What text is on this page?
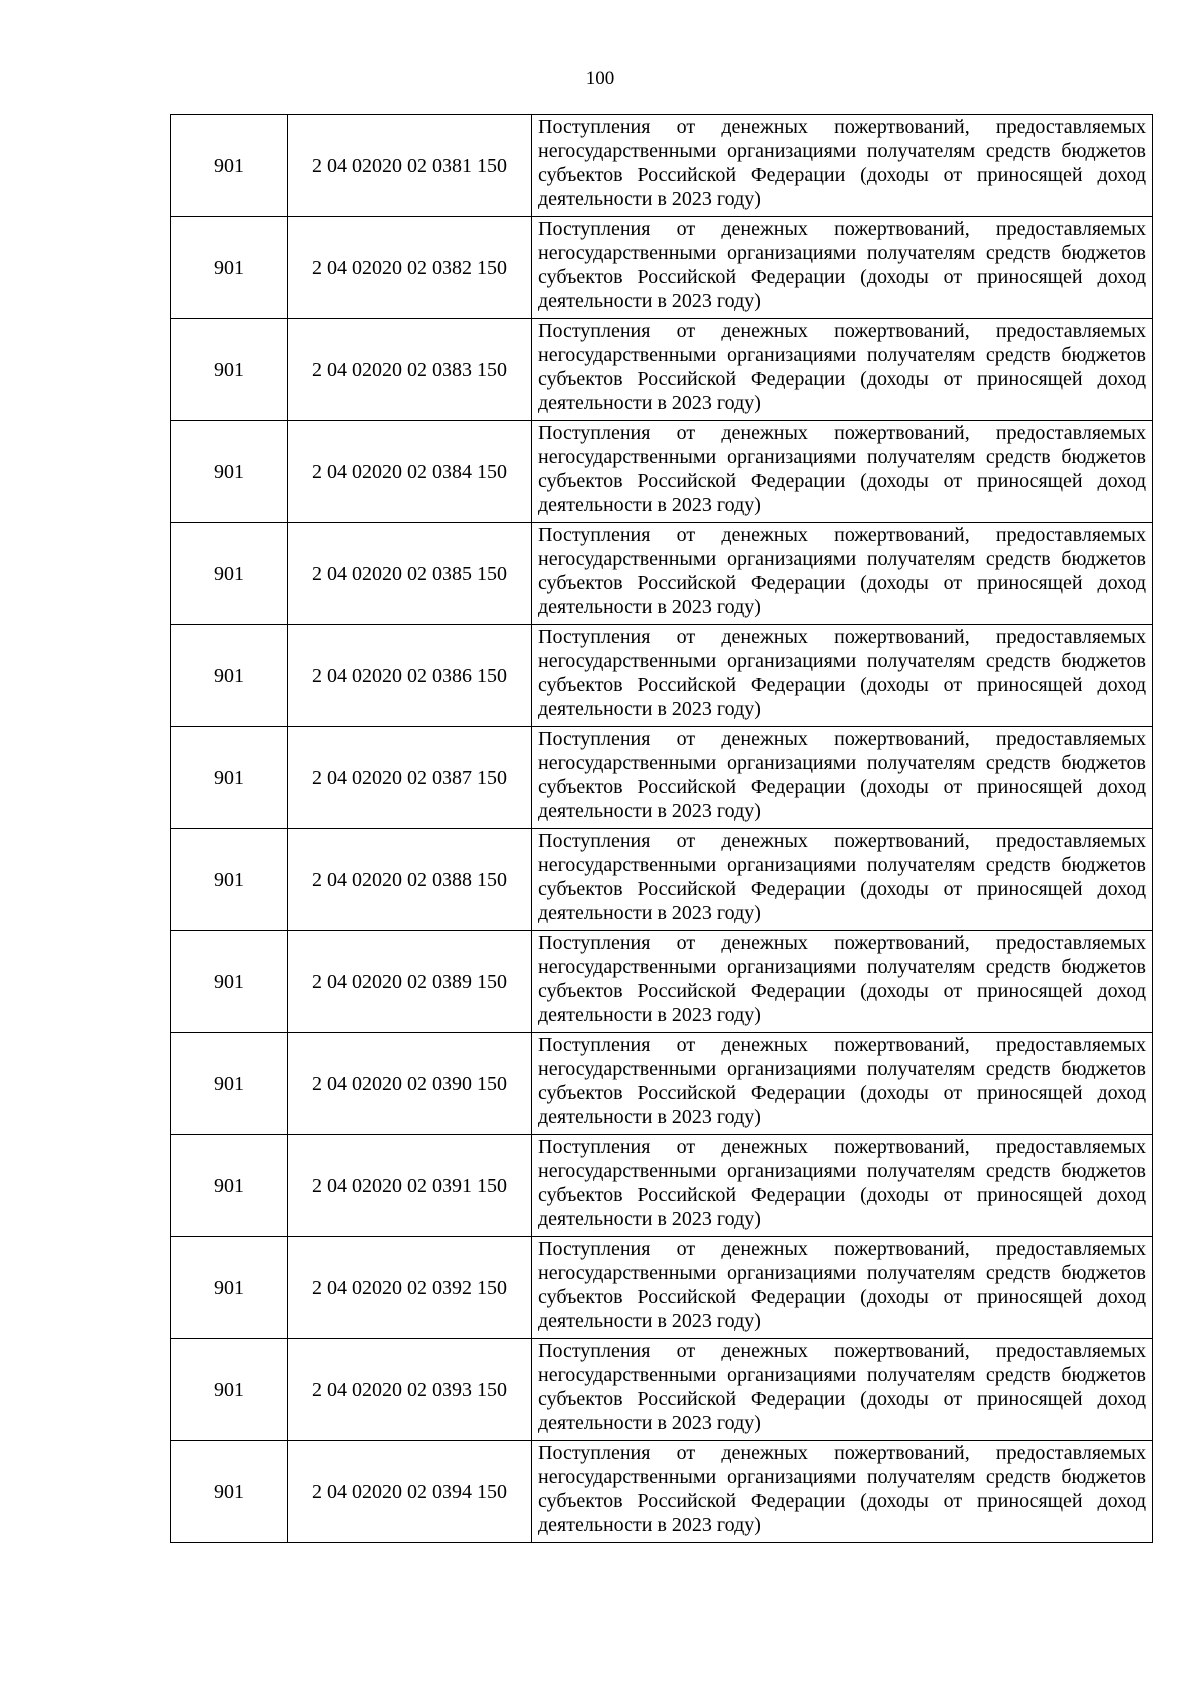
100
901	2 04 02020 02 0381 150	Поступления от денежных пожертвований, предоставляемых негосударственными организациями получателям средств бюджетов субъектов Российской Федерации (доходы от приносящей доход деятельности в 2023 году)

901	2 04 02020 02 0382 150	Поступления от денежных пожертвований, предоставляемых негосударственными организациями получателям средств бюджетов субъектов Российской Федерации (доходы от приносящей доход деятельности в 2023 году)

901	2 04 02020 02 0383 150	Поступления от денежных пожертвований, предоставляемых негосударственными организациями получателям средств бюджетов субъектов Российской Федерации (доходы от приносящей доход деятельности в 2023 году)

901	2 04 02020 02 0384 150	Поступления от денежных пожертвований, предоставляемых негосударственными организациями получателям средств бюджетов субъектов Российской Федерации (доходы от приносящей доход деятельности в 2023 году)

901	2 04 02020 02 0385 150	Поступления от денежных пожертвований, предоставляемых негосударственными организациями получателям средств бюджетов субъектов Российской Федерации (доходы от приносящей доход деятельности в 2023 году)

901	2 04 02020 02 0386 150	Поступления от денежных пожертвований, предоставляемых негосударственными организациями получателям средств бюджетов субъектов Российской Федерации (доходы от приносящей доход деятельности в 2023 году)

901	2 04 02020 02 0387 150	Поступления от денежных пожертвований, предоставляемых негосударственными организациями получателям средств бюджетов субъектов Российской Федерации (доходы от приносящей доход деятельности в 2023 году)

901	2 04 02020 02 0388 150	Поступления от денежных пожертвований, предоставляемых негосударственными организациями получателям средств бюджетов субъектов Российской Федерации (доходы от приносящей доход деятельности в 2023 году)

901	2 04 02020 02 0389 150	Поступления от денежных пожертвований, предоставляемых негосударственными организациями получателям средств бюджетов субъектов Российской Федерации (доходы от приносящей доход деятельности в 2023 году)

901	2 04 02020 02 0390 150	Поступления от денежных пожертвований, предоставляемых негосударственными организациями получателям средств бюджетов субъектов Российской Федерации (доходы от приносящей доход деятельности в 2023 году)

901	2 04 02020 02 0391 150	Поступления от денежных пожертвований, предоставляемых негосударственными организациями получателям средств бюджетов субъектов Российской Федерации (доходы от приносящей доход деятельности в 2023 году)

901	2 04 02020 02 0392 150	Поступления от денежных пожертвований, предоставляемых негосударственными организациями получателям средств бюджетов субъектов Российской Федерации (доходы от приносящей доход деятельности в 2023 году)

901	2 04 02020 02 0393 150	Поступления от денежных пожертвований, предоставляемых негосударственными организациями получателям средств бюджетов субъектов Российской Федерации (доходы от приносящей доход деятельности в 2023 году)

901	2 04 02020 02 0394 150	Поступления от денежных пожертвований, предоставляемых негосударственными организациями получателям средств бюджетов субъектов Российской Федерации (доходы от приносящей доход деятельности в 2023 году)
